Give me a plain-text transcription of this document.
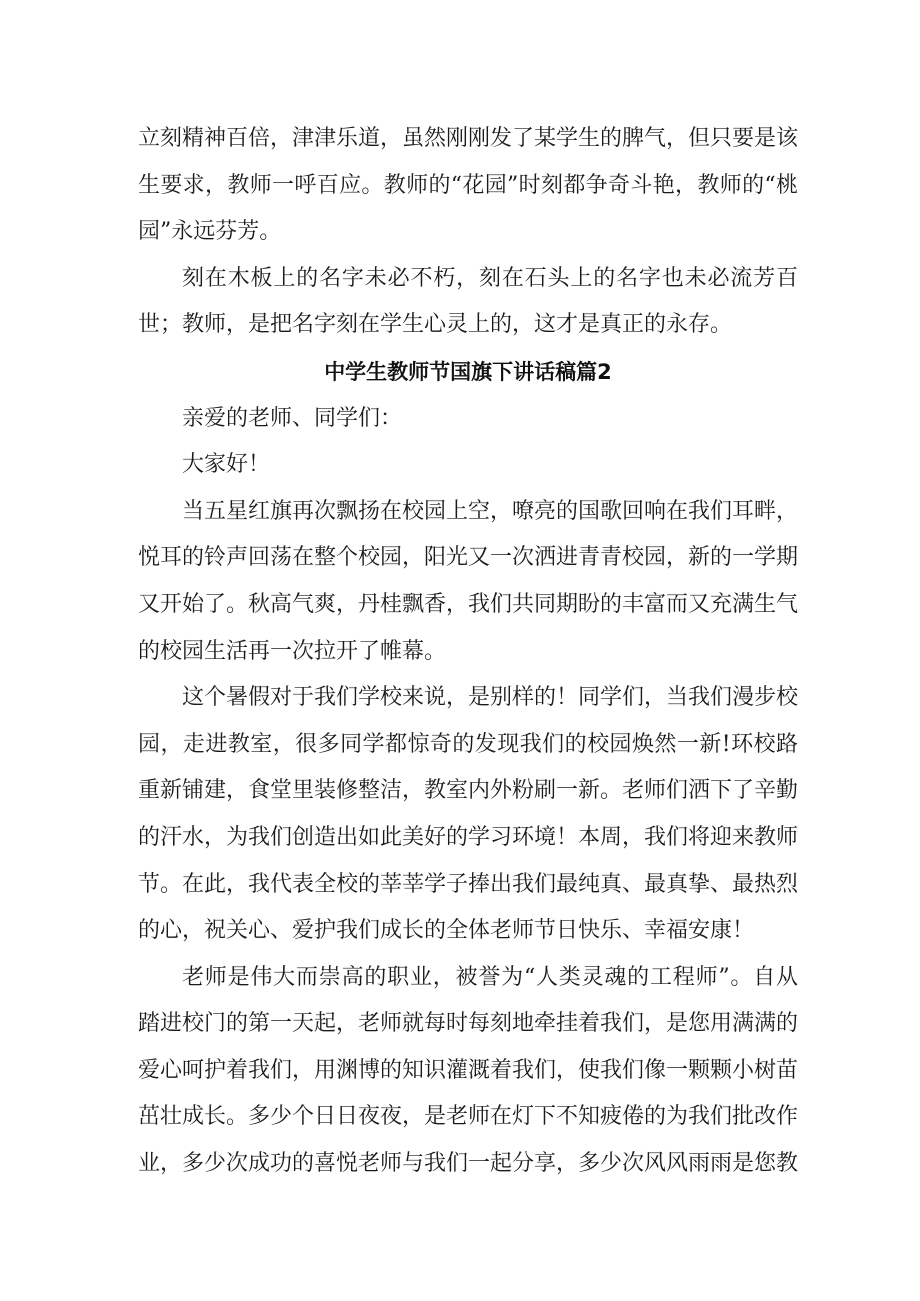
立刻精神百倍，津津乐道，虽然刚刚发了某学生的脾气，但只要是该生要求，教师一呼百应。教师的“花园”时刻都争奇斗艳，教师的“桃园”永远芬芳。

刻在木板上的名字未必不朽，刻在石头上的名字也未必流芳百世；教师，是把名字刻在学生心灵上的，这才是真正的永存。

中学生教师节国旗下讲话稿篇2

亲爱的老师、同学们：

大家好！

当五星红旗再次飘扬在校园上空，嘹亮的国歌回响在我们耳畔，悦耳的铃声回荡在整个校园，阳光又一次洒进青青校园，新的一学期又开始了。秋高气爽，丹桂飘香，我们共同期盼的丰富而又充满生气的校园生活再一次拉开了帷幕。

这个暑假对于我们学校来说，是别样的！同学们，当我们漫步校园，走进教室，很多同学都惊奇的发现我们的校园焕然一新!环校路重新铺建，食堂里装修整洁，教室内外粉刷一新。老师们洒下了辛勤的汗水，为我们创造出如此美好的学习环境！本周，我们将迎来教师节。在此，我代表全校的莘莘学子捧出我们最纯真、最真挚、最热烈的心，祝关心、爱护我们成长的全体老师节日快乐、幸福安康！

老师是伟大而崇高的职业，被誉为“人类灵魂的工程师”。自从踏进校门的第一天起，老师就每时每刻地牵挂着我们，是您用满满的爱心呵护着我们，用渊博的知识灌溉着我们，使我们像一颗颗小树苗茁壮成长。多少个日日夜夜，是老师在灯下不知疲倦的为我们批改作业，多少次成功的喜悦老师与我们一起分享，多少次风风雨雨是您教
